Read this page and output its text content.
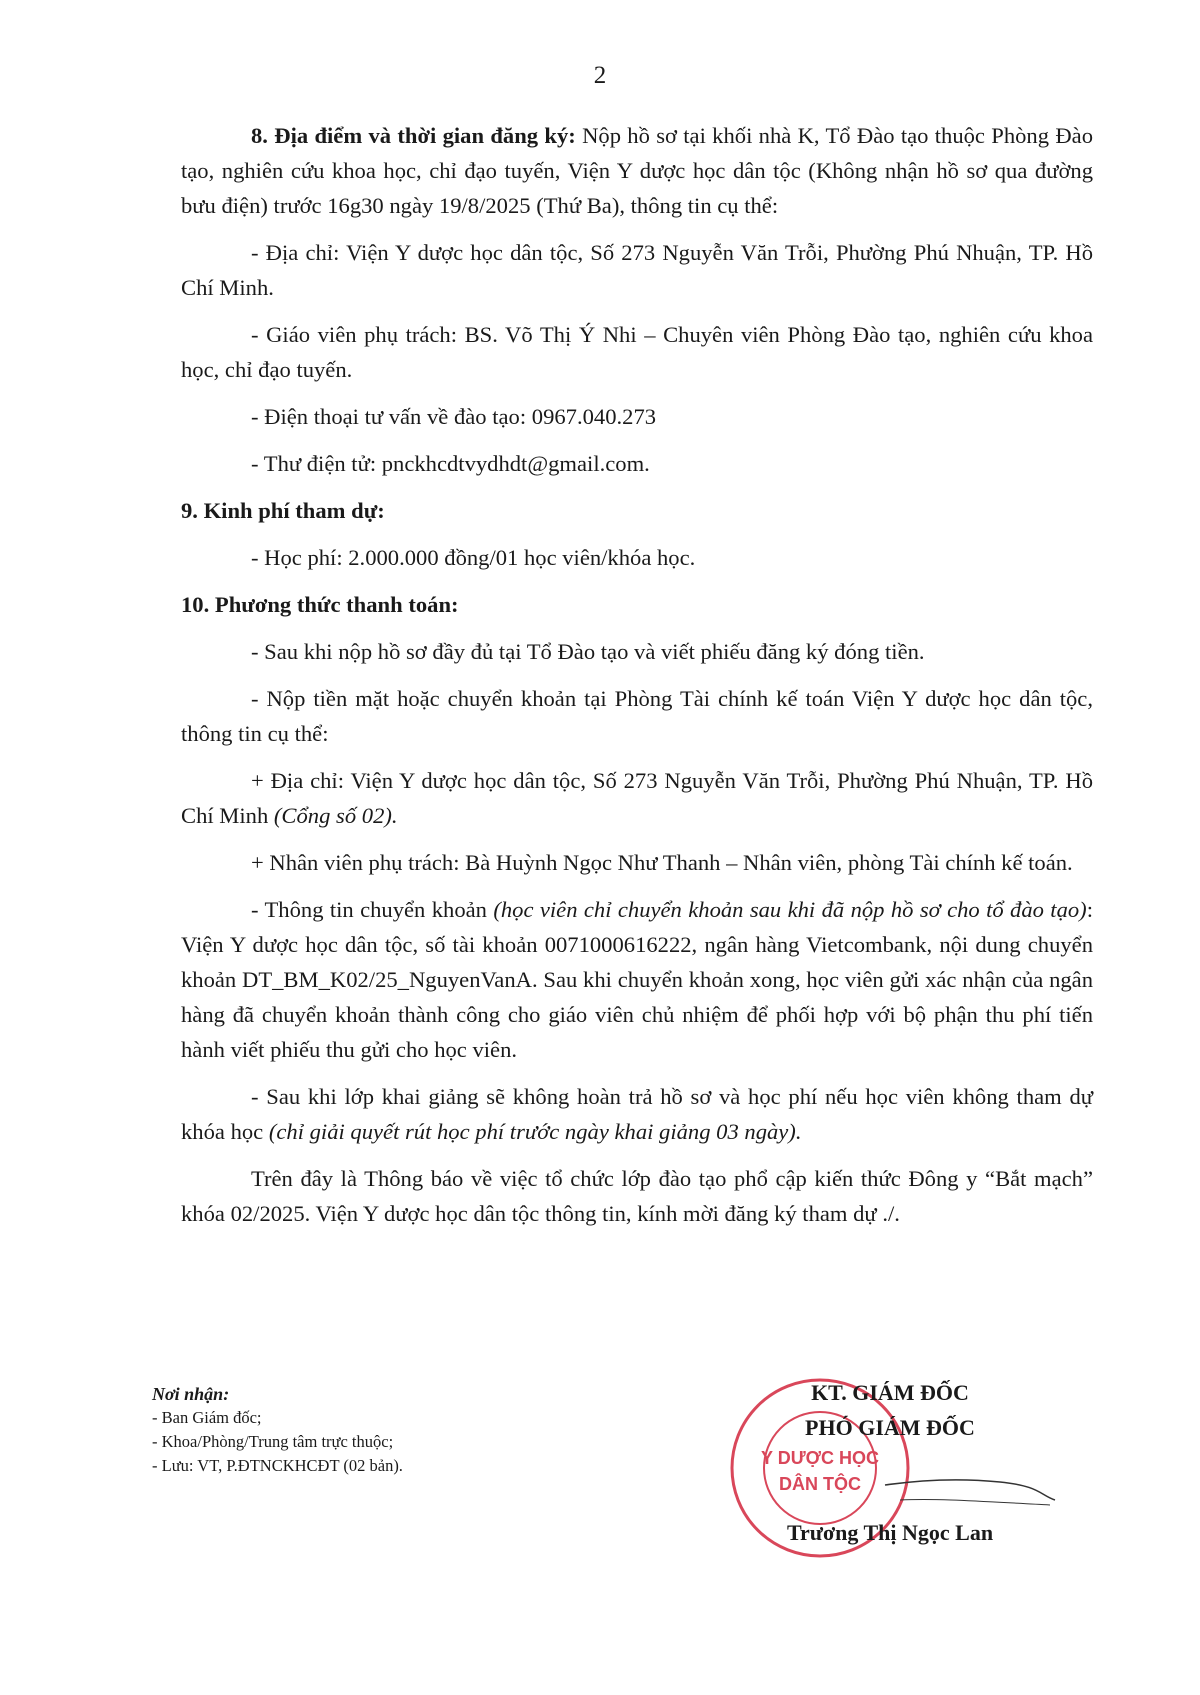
2

8. Địa điểm và thời gian đăng ký: Nộp hồ sơ tại khối nhà K, Tổ Đào tạo thuộc Phòng Đào tạo, nghiên cứu khoa học, chỉ đạo tuyến, Viện Y dược học dân tộc (Không nhận hồ sơ qua đường bưu điện) trước 16g30 ngày 19/8/2025 (Thứ Ba), thông tin cụ thể:

- Địa chỉ: Viện Y dược học dân tộc, Số 273 Nguyễn Văn Trỗi, Phường Phú Nhuận, TP. Hồ Chí Minh.

- Giáo viên phụ trách: BS. Võ Thị Ý Nhi – Chuyên viên Phòng Đào tạo, nghiên cứu khoa học, chỉ đạo tuyến.

- Điện thoại tư vấn về đào tạo: 0967.040.273

- Thư điện tử: pnckhcdtvydhdt@gmail.com.

9. Kinh phí tham dự:

- Học phí: 2.000.000 đồng/01 học viên/khóa học.

10. Phương thức thanh toán:

- Sau khi nộp hồ sơ đầy đủ tại Tổ Đào tạo và viết phiếu đăng ký đóng tiền.

- Nộp tiền mặt hoặc chuyển khoản tại Phòng Tài chính kế toán Viện Y dược học dân tộc, thông tin cụ thể:

+ Địa chỉ: Viện Y dược học dân tộc, Số 273 Nguyễn Văn Trỗi, Phường Phú Nhuận, TP. Hồ Chí Minh (Cổng số 02).

+ Nhân viên phụ trách: Bà Huỳnh Ngọc Như Thanh – Nhân viên, phòng Tài chính kế toán.

- Thông tin chuyển khoản (học viên chỉ chuyển khoản sau khi đã nộp hồ sơ cho tổ đào tạo): Viện Y dược học dân tộc, số tài khoản 0071000616222, ngân hàng Vietcombank, nội dung chuyển khoản DT_BM_K02/25_NguyenVanA. Sau khi chuyển khoản xong, học viên gửi xác nhận của ngân hàng đã chuyển khoản thành công cho giáo viên chủ nhiệm để phối hợp với bộ phận thu phí tiến hành viết phiếu thu gửi cho học viên.

- Sau khi lớp khai giảng sẽ không hoàn trả hồ sơ và học phí nếu học viên không tham dự khóa học (chỉ giải quyết rút học phí trước ngày khai giảng 03 ngày).

Trên đây là Thông báo về việc tổ chức lớp đào tạo phổ cập kiến thức Đông y “Bắt mạch” khóa 02/2025. Viện Y dược học dân tộc thông tin, kính mời đăng ký tham dự ./.

Nơi nhận:
- Ban Giám đốc;
- Khoa/Phòng/Trung tâm trực thuộc;
- Lưu: VT, P.ĐTNCKHCĐT (02 bản).	Y DƯỢC HỌC
DÂN TỘC
KT. GIÁM ĐỐC
PHÓ GIÁM ĐỐC
Trương Thị Ngọc Lan
